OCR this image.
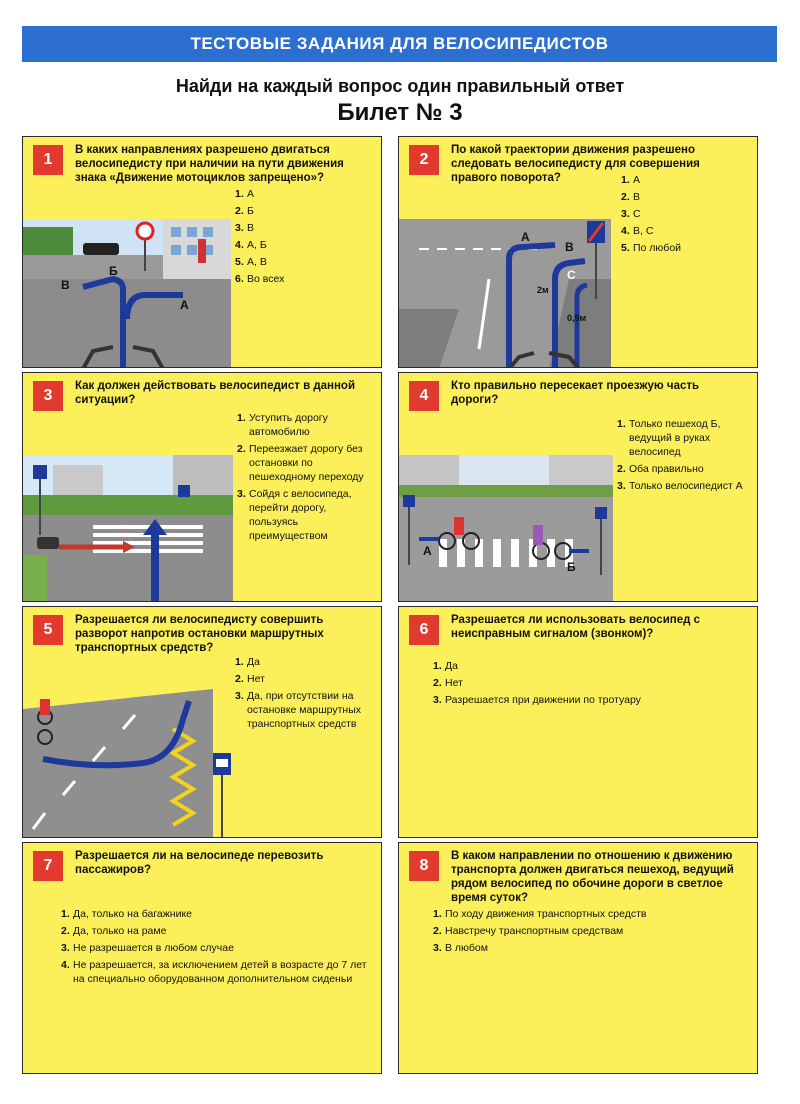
ТЕСТОВЫЕ ЗАДАНИЯ ДЛЯ ВЕЛОСИПЕДИСТОВ
Найди на каждый вопрос один правильный ответ
Билет № 3
1
В каких направлениях разрешено двигаться велосипедисту при наличии на пути движения знака «Движение мотоциклов запрещено»?
1. А
2. Б
3. В
4. А, Б
5. А, В
6. Во всех
А
Б
В
2
По какой траектории движения разрешено следовать велосипедисту для совершения правого поворота?	1. А
2. В
3. С
4. В, С
5. По любой
А
В
С
2м
0,9м
3
Как должен действовать велосипедист в данной ситуации?
1. Уступить дорогу автомобилю
2. Переезжает дорогу без остановки по пешеходному переходу
3. Сойдя с велосипеда, перейти дорогу, пользуясь преимуществом
4
Кто правильно пересекает проезжую часть дороги?
1. Только пешеход Б, ведущий в руках велосипед
2. Оба правильно
3. Только велосипедист А
А
Б
5
Разрешается ли велосипедисту совершить разворот напротив остановки маршрутных транспортных средств?
1. Да
2. Нет
3. Да, при отсутствии на остановке маршрутных транспортных средств
6
Разрешается ли использовать велосипед с неисправным сигналом (звонком)?
1. Да
2. Нет
3. Разрешается при движении по тротуару
7
Разрешается ли на велосипеде перевозить пассажиров?
1. Да, только на багажнике
2. Да, только на раме
3. Не разрешается в любом случае
4. Не разрешается, за исключением детей в возрасте до 7 лет на специально оборудованном дополнительном сиденьи
8
В каком направлении по отношению к движению транспорта должен двигаться пешеход, ведущий рядом велосипед по обочине дороги в светлое время суток?
1. По ходу движения транспортных средств
2. Навстречу транспортным средствам
3. В любом
